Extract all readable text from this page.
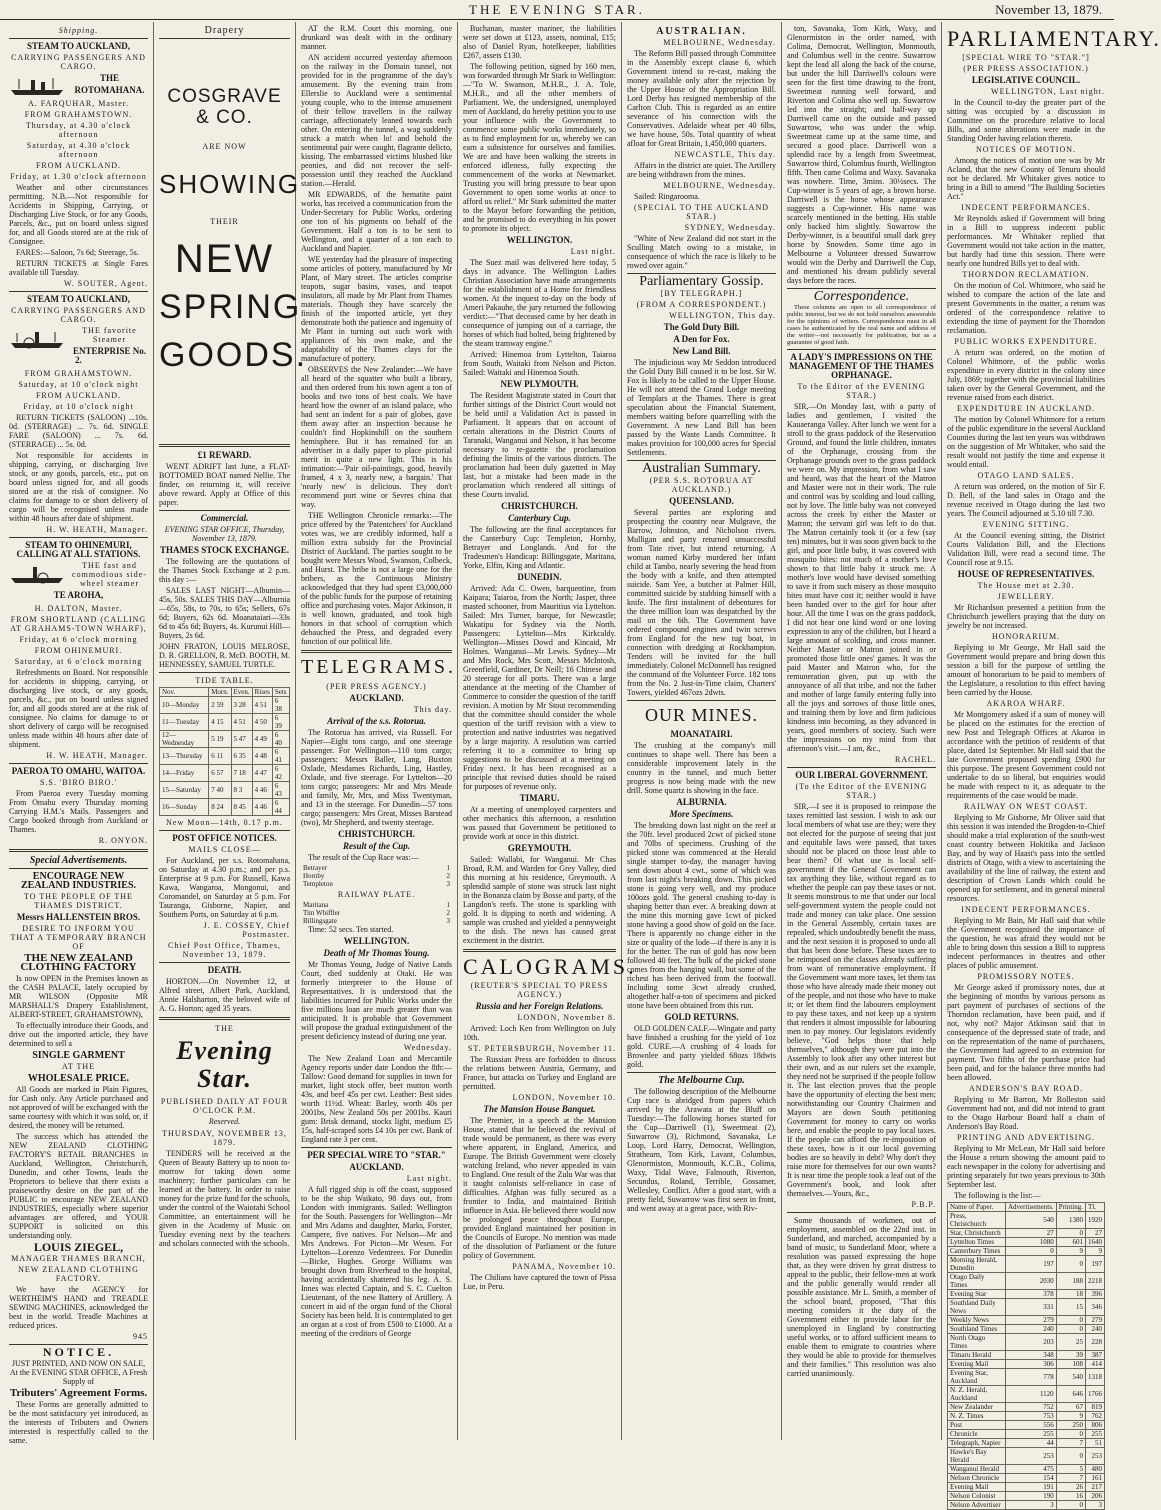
THE EVENING STAR.	November 13, 1879.
Shipping.
STEAM TO AUCKLAND,
CARRYING PASSENGERS AND CARGO.
THE
ROTOMAHANA.
A. FARQUHAR, Master.
FROM GRAHAMSTOWN.
Thursday, at 4.30 o'clock afternoon
Saturday, at 4.30 o'clock afternoon
FROM AUCKLAND.
Friday, at 1.30 o'clock afternoon

Weather and other circumstances permitting. N.B.—Not responsible for Accidents in Shipping, Carrying, or Discharging Live Stock, or for any Goods, Parcels, &c., put on board unless signed for, and all Goods stored are at the risk of Consignee.

FARES:—Saloon, 7s 6d; Steerage, 5s.

RETURN TICKETS at Single Fares available till Tuesday.

W. SOUTER, Agent.
STEAM TO AUCKLAND,
CARRYING PASSENGERS AND CARGO.
THE favorite Steamer
ENTERPRISE No. 2.
FROM GRAHAMSTOWN.
Saturday, at 10 o'clock night
FROM AUCKLAND.
Friday, at 10 o'clock night

RETURN TICKETS (SALOON) ...10s. 0d. (STERRAGE) ... 7s. 6d. SINGLE FARE (SALOON) ... 7s. 6d. (STERRAGE) ... 5s. 0d.

Not responsible for accidents in shipping, carrying, or discharging live stock, or any goods, parcels, etc., put on board unless signed for, and all goods stored are at the risk of consignee. No claims for damage to or short delivery of cargo will be recognised unless made within 48 hours after date of shipment.

H. W. HEATH, Manager.
STEAM TO OHINEMURI, CALLING AT ALL STATIONS.
THE fast and commodious side-wheel steamer
TE AROHA,
H. DALTON, Master.
FROM SHORTLAND (CALLING AT GRAHAMS-TOWN WHARF),
Friday, at 6 o'clock morning
FROM OHINEMURI.
Saturday, at 6 o'clock morning

Refreshments on Board. Not responsible for accidents in shipping, carrying, or discharging live stock, or any goods, parcels, &c., put on board unless signed for, and all goods stored are at the risk of consignee. No claims for damage to or short delivery of cargo will be recognised unless made within 48 hours after date of shipment.

H. W. HEATH, Manager.
PAEROA TO OMAHU, WAITOA.
S.S. 'BIRO BIRO.'

From Paeroa every Tuesday morning From Omahu every Thursday morning Carrying H.M.'s Mails. Passengers and Cargo booked through from Auckland or Thames.

R. ONYON.
Special Advertisements.
ENCOURAGE NEW ZEALAND INDUSTRIES.
TO THE PEOPLE OF THE THAMES DISTRICT.
Messrs HALLENSTEIN BROS.
DESIRE TO INFORM YOU THAT A TEMPORARY BRANCH OF
THE NEW ZEALAND CLOTHING FACTORY

Is now OPEN in the Premises known as the CASH PALACE, lately occupied by MR WILSON (Opposite MR MARSHALL'S Drapery Establishment, ALBERT-STREET, GRAHAMSTOWN),

To effectually introduce their Goods, and drive out the imported article, they have determined to sell a

SINGLE GARMENT
AT THE
WHOLESALE PRICE.

All Goods are marked in Plain Figures, for Cash only. Any Article purchased and not approved of will be exchanged with the same courtesy with which it was sold, or, if desired, the money will be returned.

The success which has attended the NEW ZEALAND CLOTHING FACTORY'S RETAIL BRANCHES in Auckland, Wellington, Christchurch, Dunedin, and other Towns, leads the Proprietors to believe that there exists a praiseworthy desire on the part of the PUBLIC to encourage NEW ZEALAND INDUSTRIES, especially where superior advantages are offered, and YOUR SUPPORT is solicited on this understanding only.

LOUIS ZIEGEL,
MANAGER THAMES BRANCH,
NEW ZEALAND CLOTHING FACTORY.

We have the AGENCY for WERTHEIM'S HAND and TREADLE SEWING MACHINES, acknowledged the best in the world. Treadle Machines at reduced prices.

945
NOTICE.

JUST PRINTED, AND NOW ON SALE, At the EVENING STAR OFFICE, A Fresh Supply of

Tributers' Agreement Forms.

These Forms are generally admitted to be the most satisfactory yet introduced, as the interests of Tributers and Owners interested is respectfully called to the same.

Drapery
COSGRAVE & CO.
ARE NOW
SHOWING
THEIR
NEW
SPRING
GOODS.
£1 REWARD.

WENT ADRIFT last June, a FLAT-BOTTOMED BOAT named Nellie. The finder, on returning it, will receive above reward. Apply at Office of this paper.

Commercial.
EVENING STAR OFFICE, Thursday, November 13, 1879.
THAMES STOCK EXCHANGE.

The following are the quotations of the Thames Stock Exchange at 2 p.m. this day :—

SALES LAST NIGHT—Albumin—45s, 50s. SALES THIS DAY—Alburnia—65s, 58s, to 70s, to 65s; Sellers, 67s 6d; Buyers, 62s 6d. Moanataiari—33s 6d to 45s 6d; Buyers, 4s. Kurunui Hill—Buyers, 2s 6d.

JOHN FRATON, LOUIS MELROSE, D. R. GRELLON, R. McD. BOOTH, M. HENNESSEY, SAMUEL TURTLE.

TIDE TABLE.
Nov.	Morn.	Even.	Rises	Sets
10—Monday	2 59	3 28	4 51	6 38
11—Tuesday	4 15	4 51	4 50	6 39
12—Wednesday	5 19	5 47	4 49	6 40
13—Thursday	6 11	6 35	4 48	6 41
14—Friday	6 57	7 18	4 47	6 42
15—Saturday	7 40	8 3	4 46	6 43
16—Sunday	8 24	8 45	4 46	6 44
New Moon—14th, 0.17 p.m.
POST OFFICE NOTICES.
MAILS CLOSE—

For Auckland, per s.s. Rotomahana, on Saturday at 4.30 p.m.; and per p.s. Enterprise at 9 p.m. For Russell, Kawa Kawa, Wangaroa, Mongonui, and Coromandel, on Saturday at 5 p.m. For Tauranga, Gisborne, Napier, and Southern Ports, on Saturday at 6 p.m.

J. E. COSSEY, Chief Postmaster.
Chief Post Office, Thames, November 13, 1879.
DEATH.

HORTON.—On November 12, at Alfred street, Albert Park, Auckland, Annie Halsharton, the beloved wife of A. G. Horton; aged 35 years.

THE
Evening Star.
PUBLISHED DAILY AT FOUR O'CLOCK P.M.
Reserved.
THURSDAY, NOVEMBER 13, 1879.

TENDERS will be received at the Queen of Beauty Battery up to noon to-morrow for taking down some machinery; further particulars can be learned at the battery. In order to raise money for the prize fund for the schools, under the control of the Waiotahi School Committee, an entertainment will be given in the Academy of Music on Tuesday evening next by the teachers and scholars connected with the schools.

AT the R.M. Court this morning, one drunkard was dealt with in the ordinary manner.

AN accident occurred yesterday afternoon on the railway in the Domain tunnel, not provided for in the programme of the day's amusement. By the evening train from Ellerslie to Auckland were a sentimental young couple, who to the intense amusement of their fellow travellers in the railway carriage, affectionately leaned towards each other. On entering the tunnel, a wag suddenly struck a match when lo! and behold the sentimental pair were caught, flagrante delicto, kissing. The embarrassed victims blushed like peonies, and did not recover the self-possession until they reached the Auckland station.—Herald.

MR EDWARDS, of the hematite paint works, has received a communication from the Under-Secretary for Public Works, ordering one ton of his pigments on behalf of the Government. Half a ton is to be sent to Wellington, and a quarter of a ton each to Auckland and Napier.

WE yesterday had the pleasure of inspecting some articles of pottery, manufactured by Mr Plant, of Mary street. The articles comprise teapots, sugar basins, vases, and teapot insulators, all made by Mr Plant from Thames materials. Though they have scarcely the finish of the imported article, yet they demonstrate both the patience and ingenuity of Mr Plant in turning out such work with appliances of his own make, and the adaptability of the Thames clays for the manufacture of pottery.

OBSERVES the New Zealander:—We have all heard of the squatter who built a library, and then ordered from his town agent a ton of books and two tons of best coals. We have heard how the owner of an island palace, who had sent an indent for a pair of globes, gave them away after an inspection because he couldn't find Hopkinshill on the southern hemisphere. But it has remained for an advertiser in a daily paper to place pictorial merit in quite a new light. This is his intimation:—'Pair oil-paintings, good, heavily framed, 4 x 3, nearly new, a bargain.' That 'nearly new' is delicious. They don't recommend port wine or Sevres china that way.

THE Wellington Chronicle remarks:—The price offered by the 'Patentchers' for Auckland votes was, we are credibly informed, half a million extra subsidy for the Provincial District of Auckland. The parties sought to be bought were Messrs Wood, Swanson, Colbeck, and Hurst. The bribe is not a large one for the bribers, as the Continuous Ministry acknowledged that they had spent £3,000,000 of the public funds for the purpose of retaining office and purchasing votes. Major Atkinson, it is well known, graduated, and took high honors in that school of corruption which debauched the Press, and degraded every function of our political life.

TELEGRAMS.
(PER PRESS AGENCY.)
AUCKLAND.
This day.
Arrival of the s.s. Rotorua.

The Rotorua has arrived, via Russell. For Napier—Eight tons cargo, and one steerage passenger. For Wellington—110 tons cargo; passengers: Messrs Baller, Lang, Buxton Oxlade, Mesdames Richards, Ling, Hastley, Oxlade, and five steerage. For Lyttelton—20 tons cargo; passengers: Mr and Mrs Meade and family, Mr, Mrs, and Miss Twentyman, and 13 in the steerage. For Dunedin—57 tons cargo; passengers: Mrs Great, Misses Barstead (two), Mr Shepherd, and twenty steerage.

CHRISTCHURCH.
Result of the Cup.

The result of the Cup Race was:—

Betrayer	1
Hornby	2
Templeton	3
RAILWAY PLATE.
Maritana	1
Tim Whiffler	2
Billingsgate	3

Time: 52 secs. Ten started.

WELLINGTON.
Death of Mr Thomas Young.

Mr Thomas Young, Judge of Native Lands Court, died suddenly at Otaki. He was formerly interpreter to the House of Representatives. It is understood that the liabilities incurred for Public Works under the five millions loan are much greater than was anticipated. It is probable that Government will propose the gradual extinguishment of the present deficiency instead of during one year.

Wednesday.

The New Zealand Loan and Mercantile Agency reports under date London the 8th:—Tallow: Good demand for supplies in town for market, light stock offer, beet mutton worth 43s, and beef 45s per cwt. Leather: Best sides worth 11½d. Wheat: Barley, worth 40s per 2001bs, New Zealand 50s per 2001bs. Kauri gum: Brisk demand, stocks light, medium £5 15s, half-scraped sorts £4 10s per cwt. Bank of England rate 3 per cent.

PER SPECIAL WIRE TO "STAR."
AUCKLAND.
Last night.

A full rigged ship is off the coast, supposed to be the ship Waikato, 98 days out, from London with immigrants. Sailed: Wellington for the South. Passengers for Wellington—Mr and Mrs Adams and daughter, Marks, Forster, Campere, five natives. For Nelson—Mr and Mrs Andrews. For Picton—Mr Wesen. For Lyttelton—Lorenzo Vedentrees. For Dunedin—Bicke, Hughes. George Williams was brought down from Riverhead to the hospital, having accidentally shattered his leg. A. S. Innes was elected Captain, and S. C. Cuelton Lieutenant, of the new Battery of Artillery. A concert in aid of the organ fund of the Choral Society has been held. It is contemplated to get an organ at a cost of from £500 to £1000. At a meeting of the creditors of George

Buchanan, master mariner, the liabilities were set down at £123, assets, nominal, £15; also of Daniel Ryan, hotelkeeper, liabilities £267, assets £130.

The following petition, signed by 160 men, was forwarded through Mr Stark to Wellington:—"To W. Swanson, M.H.R., J. A. Tole, M.H.R., and all the other members of Parliament. We, the undersigned, unemployed men of Auckland, do hereby petition you to use your influence with the Government to commence some public works immediately, so as to find employment for us, whereby we can earn a subsistence for ourselves and families. We are and have been walking the streets in enforced idleness, fully expecting the commencement of the works at Newmarket. Trusting you will bring pressure to bear upon Government to open some works at once to afford us relief." Mr Stark submitted the matter to the Mayor before forwarding the petition, and he promised to do everything in his power to promote its object.

WELLINGTON.
Last night.

The Suez mail was delivered here today, 5 days in advance. The Wellington Ladies Christian Association have made arrangements for the establishment of a Home for friendless women. At the inquest to-day on the body of Ameri Pakauhe, the jury returned the following verdict:—"That deceased came by her death in consequence of jumping out of a carriage, the horses of which had bolted, being frightened by the steam tramway engine."

Arrived: Hinemoa from Lyttelton, Taiaroa from South, Waitaki from Nelson and Picton. Sailed: Waitaki and Hinemoa South.

NEW PLYMOUTH.

The Resident Magistrate stated in Court that further sittings of the District Court would not be held until a Validation Act is passed in Parliament. It appears that on account of certain alterations in the District Courts of Taranaki, Wanganui and Nelson, it has become necessary to re-gazette the proclamation defining the limits of the various districts. The proclamation had been duly gazetted in May last, but a mistake had been made in the proclamation which rendered all sittings of these Courts invalid.

CHRISTCHURCH.
Canterbury Cup.

The following are the final acceptances for the Canterbury Cup: Templeton, Hornby, Betrayer and Longlands. And for the Tradesmen's Handicap: Billingsgate, Maritana, Yorke, Elfin, King and Atlantic.

DUNEDIN.

Arrived: Ada C. Owen, barquentine, from Kaipara; Taiaroa, from the North; Jasper, three masted schooner, from Mauritius via Lyttelton. Sailed: Mrs Turner, barque, for Newcastle; Wakatipu for Sydney via the North. Passengers: Lyttelton—Mrs Kirkcaldy. Wellington—Misses Dowd and Kincaid, Mr Holmes. Wanganui—Mr Lewis. Sydney—Mr and Mrs Rock, Mrs Scott, Messrs McIntosh, Greenfield, Gardiner, Dr Neill; 16 Chinese and 20 steerage for all ports. There was a large attendance at the meeting of the Chamber of Commerce to consider the question of the tariff revision. A motion by Mr Stout recommending that the committee should consider the whole question of the tariff revision with a view to protection and native industries was negatived by a large majority. A resolution was carried referring it to a committee to bring up suggestions to be discussed at a meeting on Friday next. It has been recognised as a principle that revised duties should be raised for purposes of revenue only.

TIMARU.

At a meeting of unemployed carpenters and other mechanics this afternoon, a resolution was passed that Government be petitioned to provide work at once in this district.

GREYMOUTH.

Sailed: Wallabi, for Wanganui. Mr Chas Broad, R.M. and Warden for Grey Valley, died this morning at his residence, Greymouth. A splendid sample of stone was struck last night in the Bonanza claim by Bosse and party, of the Langdon's reefs. The stone is sparkling with gold. It is dipping to north and widening. A sample was crushed and yielded a pennyweight to the dish. The news has caused great excitement in the district.

CALOGRAMS.
(REUTER'S SPECIAL TO PRESS AGENCY.)
Russia and her Foreign Relations.
LONDON, November 8.

Arrived: Loch Ken from Wellington on July 10th.

ST. PETERSBURGH, November 11.

The Russian Press are forbidden to discuss the relations between Austria, Germany, and France, but attacks on Turkey and England are permitted.

LONDON, November 10.
The Mansion House Banquet.

The Premier, in a speech at the Mansion House, stated that he believed the revival of trade would be permanent, as there was every where apparent, in England, America, and Europe. The British Government were closely watching Ireland, who never appealed in vain to England. One result of the Zulu War was that it taught colonists self-reliance in case of difficulties. Afghan was fully secured as a frontier to India, and maintained British influence in Asia. He believed there would now be prolonged peace throughout Europe, provided England maintained her position in the Councils of Europe. No mention was made of the dissolution of Parliament or the future policy of Government.

PANAMA, November 10.

The Chilians have captured the town of Pissa Lue, in Peru.

AUSTRALIAN.
MELBOURNE, Wednesday.

The Reform Bill passed through Committee in the Assembly except clause 6, which Government intend to re-cast, making the money available only after the rejection by the Upper House of the Appropriation Bill. Lord Derby has resigned membership of the Carlton Club. This is regarded as an entire severance of his connection with the Conservatives. Adelaide wheat per 40 6lbs, we have house, 50s. Total quantity of wheat afloat for Great Britain, 1,450,000 quarters.

NEWCASTLE, This day.

Affairs in the district are quiet. The Artillery are being withdrawn from the mines.

MELBOURNE, Wednesday.

Sailed: Ringarooma.

(SPECIAL TO THE AUCKLAND STAR.)
SYDNEY, Wednesday.

"White of New Zealand did not start in the Sculling Match owing to a mistake, in consequence of which the race is likely to be rowed over again."

Parliamentary Gossip.
[BY TELEGRAPH.]
(FROM A CORRESPONDENT.)
WELLINGTON, This day.
The Gold Duty Bill.
A Den for Fox.
New Land Bill.

The injudicious way Mr Seddon introduced the Gold Duty Bill caused it to be lost. Sir W. Fox is likely to be called to the Upper House. He will not attend the Grand Lodge meeting of Templars at the Thames. There is great speculation about the Financial Statement, members waiting before quarrelling with the Government. A new Land Bill has been passed by the Waste Lands Committee. It makes provision for 100,000 acres for Special Settlements.

Australian Summary.
(PER S.S. ROTORUA AT AUCKLAND.)
QUEENSLAND.

Several parties are exploring and prospecting the country near Mulgrave, the Barrow, Johnston, and Nicholson rivers. Mulligan and party returned unsuccessful from Tate river, but intend returning. A woman named Kirby murdered her infant child at Tambo, nearly severing the head from the body with a knife, and then attempted suicide. Sam Yee, a butcher at Palmer Hill, committed suicide by stabbing himself with a knife. The first instalment of debentures for the three million loan was despatched by the mail on the 6th. The Government have ordered compound engines and twin screws from England for the new tug boat, in connection with dredging at Rockhampton. Tenders will be invited for the hull immediately. Colonel McDonnell has resigned the command of the Volunteer Force. 182 tons from the No. 2 Just-in-Time claim, Charters' Towers, yielded 467ozs 2dwts.

OUR MINES.
MOANATAIRI.

The crushing at the company's mill continues to shape well. There has been a considerable improvement lately in the country in the tunnel, and much better progress is now being made with the new drill. Some quartz is showing in the face.

ALBURNIA.
More Specimens.

The breaking down last night on the reef at the 70ft. level produced 2cwt of picked stone and 70lbs of specimens. Crushing of the picked stone was commenced at the Herald single stamper to-day, the manager having sent down about 4 cwt., some of which was from last night's breaking down. This picked stone is going very well, and my produce 100ozs gold. The general crushing to-day is shaping better than ever. A breaking down at the mine this morning gave 1cwt of picked stone having a good show of gold on the face. There is apparently no change either in the size or quality of the lode—if there is any it is for the better. The run of gold has now been followed 40 feet. The bulk of the picked stone comes from the hanging wall, but some of the richest has been derived from the footwall. Including some 3cwt already crushed, altogether half-a-ton of specimens and picked stone have been obtained from this run.

GOLD RETURNS.

OLD GOLDEN CALF.—Wingate and party have finished a crushing for the yield of 1oz gold. CURE.—A crushing of 4 loads for Brownlee and party yielded 68ozs 18dwts gold.

The Melbourne Cup.

The following description of the Melbourne Cup race is abridged from papers which arrived by the Arawata at the Bluff on Tuesday:—The following horses started for the Cup—Darriwell (1), Sweetmeat (2), Suwarrow (3), Richmond, Savanaka, Le Loup, Lord Harry, Democrat, Wellington, Strathearn, Tom Kirk, Lavant, Columbus, Glenormiston, Monmouth, K.C.B., Colima, Waxy, Tidal Wave, Falmouth, Riverton, Secundus, Roland, Terrible, Gossamer, Wellesley, Conflict. After a good start, with a pretty field, Suwarrow was first seen in front, and went away at a great pace, with Riv-

ton, Savanaka, Tom Kirk, Waxy, and Glenormiston in the order named, with Colima, Democrat, Wellington, Monmouth, and Columbus well in the centre. Suwarrow kept the lead all along the back of the course, but under the hill Darriwell's colours were seen for the first time drawing to the front, Sweetmeat running well forward, and Riverton and Colima also well up. Suwarrow led into the straight; and half-way up Darriwell came on the outside and passed Suwarrow, who was under the whip. Sweetmeat came up at the same time, and secured a good place. Darriwell won a splendid race by a length from Sweetmeat, Suwarrow third, Columbus fourth, Wellington fifth. Then came Colima and Waxy. Savanaka was nowhere. Time, 3mins. 30½secs. The Cup-winner is 5 years of age, a brown horse. Darriwell is the horse whose appearance suggests a Cup-winner. His name was scarcely mentioned in the betting. His stable only backed him slightly. Suwarrow the Derby-winner, is a beautiful small dark grey horse by Snowden. Some time ago in Melbourne a Volunteer dressed Suwarrow would win the Derby and Darriwell the Cup, and mentioned his dream publicly several days before the races.

Correspondence.

These columns are open to all correspondence of public interest, but we do not hold ourselves answerable for the opinions of writers. Correspondence must in all cases be authenticated by the real name and address of the writer—not necessarily for publication, but as a guarantee of good faith.

A LADY'S IMPRESSIONS ON THE MANAGEMENT OF THE THAMES ORPHANAGE.
To the Editor of the EVENING STAR.)

SIR,—On Monday last, with a party of ladies and gentlemen, I visited the Kauaeranga Valley. After lunch we went for a stroll to the grass paddock of the Reservation Ground, and found the little children, inmates of the Orphanage, crossing from the Orphanage grounds over to the grass paddock we were on. My impression, from what I saw and heard, was that the heart of the Matron and Master were not in their work. The rule and control was by scolding and loud calling, not by love. The little baby was not conveyed across the creek by either the Master or Matron; the servant girl was left to do that. The Matron certainly took it (or a few (say ten) minutes, but it was soon given back to the girl, and poor little baby, it was covered with mosquito bites: not much of a mother's love shown to that little baby it struck me. A mother's love would have devised something to save it from such misery as those mosquito bites must have cost it; neither would it have been handed over to the girl for hour after hour. All the time I was on the grass paddock, I did not hear one kind word or one loving expression to any of the children, but I heard a large amount of scolding, and cross manner. Neither Master or Matron joined in or promoted those little ones' games. It was the paid Master and Matron who, for the remuneration given, put up with the annoyance of all that tribe, and not the father and mother of large family entering fully into all the joys and sorrows of those little ones, and training them by love and firm judicious kindness into becoming, as they advanced in years, good members of society. Such were the impressions on my mind from that afternoon's visit.—I am, &c.,

RACHEL.
OUR LIBERAL GOVERNMENT.
(To the Editor of the EVENING STAR.)

SIR,—I see it is proposed to reimpose the taxes remitted last session. I wish to ask our local members of what use are they; were they not elected for the purpose of seeing that just and equitable laws were passed, that taxes should not be placed on those least able to bear them? Of what use is local self-government if the General Government can tax anything they like, without regard as to whether the people can pay these taxes or not. It seems monstrous to me that under our local self-government system the people could not trade and money can take place. One session in the General Assembly, certain taxes are repealed, which undoubtedly benefit the mass, and the next session it is proposed to undo all that has been done before. These taxes are to be reimposed on the classes already suffering from want of remunerative employment. If the Government want more taxes, let them tax those who have already made their money out of the people, and not those who have to make it; or let them find the labourers employment to pay these taxes, and not keep up a system that renders it almost impossible for labouring men to pay money. Our legislators evidently believe, "God helps those that help themselves," although they were put into the Assembly to look after any other interest but their own, and as our rulers set the example, they need not be surprised if the people follow it. The last election proves that the people have the opportunity of electing the best men; notwithstanding our Country Chairmen and Mayors are down South petitioning Government for money to carry on works here, and enable the people to pay local taxes. If the people can afford the re-imposition of these taxes, how is it our local governing bodies are so heavily in debt? Why don't they raise more for themselves for our own wants? It is near time the people took a leaf out of the Government's book, and look after themselves.—Yours, &c.,

P.B.P.

Some thousands of workmen, out of employment, assembled on the 22nd inst. in Sunderland, and marched, accompanied by a band of music, to Sunderland Moor, where a resolution was passed expressing the hope that, as they were driven by great distress to appeal to the public, their fellow-men at work and the public generally would render all possible assistance. Mr L. Smith, a member of the school board, proposed, "That this meeting considers it the duty of the Government either to provide labor for the unemployed in England by constructing useful works, or to afford sufficient means to enable them to emigrate to countries where they would be able to provide for themselves and their families." This resolution was also carried unanimously.

PARLIAMENTARY.
[SPECIAL WIRE TO "STAR."]
(PER PRESS ASSOCIATION.)
LEGISLATIVE COUNCIL.
WELLINGTON, Last night.

In the Council to-day the greater part of the sitting was occupied by a discussion in Committee on the procedure relative to local Bills, and some alterations were made in the Standing Order having relation thereto.

NOTICES OF MOTION.

Among the notices of motion one was by Mr Acland, that the new County of Tenuru should not be declared. Mr Whitaker gives notice to bring in a Bill to amend "The Building Societies Act."

INDECENT PERFORMANCES.

Mr Reynolds asked if Government will bring in a Bill to suppress indecent public performances. Mr Whitaker replied that Government would not take action in the matter, but hardly had time this session. There were nearly one hundred Bills yet to deal with.

THORNDON RECLAMATION.

On the motion of Col. Whitmore, who said he wished to compare the action of the late and present Governments in the matter, a return was ordered of the correspondence relative to extending the time of payment for the Thorndon reclamation.

PUBLIC WORKS EXPENDITURE.

A return was ordered, on the motion of Colonel Whitmore, of the public works expenditure in every district in the colony since July, 1869; together with the provincial liabilities taken over by the General Government, and the revenue raised from each district.

EXPENDITURE IN AUCKLAND.

The motion by Colonel Whitmore for a return of the public expenditure in the several Auckland Counties during the last ten years was withdrawn on the suggestion of Mr Whitaker, who said the result would not justify the time and expense it would entail.

OTAGO LAND SALES.

A return was ordered, on the motion of Sir F. D. Bell, of the land sales in Otago and the revenue received in Otago during the last two years. The Council adjourned at 5.10 till 7.30.

EVENING SITTING.

At the Council evening sitting, the District Courts Validation Bill, and the Elections Validation Bill, were read a second time. The Council rose at 9.15.

HOUSE OF REPRESENTATIVES.
The House met at 2.30.
JEWELLERY.

Mr Richardson presented a petition from the Christchurch jewellers praying that the duty on jewelry be not increased.

HONORARIUM.

Replying to Mr George, Mr Hall said the Government would prepare and bring down this session a bill for the purpose of settling the amount of honorarium to be paid to members of the Legislature, a resolution to this effect having been carried by the House.

AKAROA WHARF.

Mr Montgomery asked if a sum of money will be placed on the estimates for the erection of new Post and Telegraph Offices at Akaroa in accordance with the petition of residents of that place, dated 1st September. Mr Hall said that the late Government proposed spending £900 for this purpose. The present Government could not undertake to do so liberal, but enquiries would be made with respect to it, as adequate to the requirements of the case would be made.

RAILWAY ON WEST COAST.

Replying to Mr Gisborne, Mr Oliver said that this session it was intended the Brogden-to-Chief should make a trial exploration of the south-west coast country between Hokitika and Jackson Bay, and by way of Haast's pass into the settled districts of Otago, with a view to ascertaining the availability of the line of railway, the extent and description of Crown Lands which could be opened up for settlement, and its general mineral resources.

INDECENT PERFORMANCES.

Replying to Mr Bain, Mr Hall said that while the Government recognised the importance of the question, he was afraid they would not be able to bring down this session a Bill to suppress indecent performances in theatres and other places of public amusement.

PROMISSORY NOTES.

Mr George asked if promissory notes, due at the beginning of months by various persons as part payment of purchases of sections of the Thorndon reclamation, have been paid, and if not, why not? Major Atkinson said that in consequence of the depressed state of trade, and on the representation of the name of purchasers, the Government had agreed to an extension for payment. Two fifths of the purchase price had been paid, and for the balance three months had been allowed.

ANDERSON'S BAY ROAD.

Replying to Mr Barron, Mr Rolleston said Government had not, and did not intend to grant to the Otago Harbour Board half a chain of Anderson's Bay Road.

PRINTING AND ADVERTISING.

Replying to Mr McLean, Mr Hall said before the House a return showing the amount paid to each newspaper in the colony for advertising and printing separately for two years previous to 30th September last.

The following is the list:—

Name of Paper.	Advertisements.	Printing.	Tl.
Press, Christchurch	540	1380	1920
Star, Christchurch	27	0	27
Lyttelton Times	1080	601	1640
Canterbury Times	0	9	9
Morning Herald, Dunedin	197	0	197
Otago Daily Times	2030	188	2218
Evening Star	378	18	396
Southland Daily News	331	15	346
Weekly News	279	0	279
Southland Times	240	0	240
North Otago Times	203	25	228
Timaru Herald	348	39	387
Evening Mail	306	108	414
Evening Star, Auckland	778	540	1318
N. Z. Herald, Auckland	1120	646	1766
New Zealander	752	67	819
N. Z. Times	753	9	762
Post	556	250	806
Chronicle	255	0	255
Telegraph, Napier	44	7	51
Hawke's Bay Herald	253	0	253
Wanganui Herald	475	5	480
Nelson Chronicle	154	7	161
Evening Mail	191	26	217
Nelson Colonist	190	16	206
Nelson Advertiser	3	0	3
